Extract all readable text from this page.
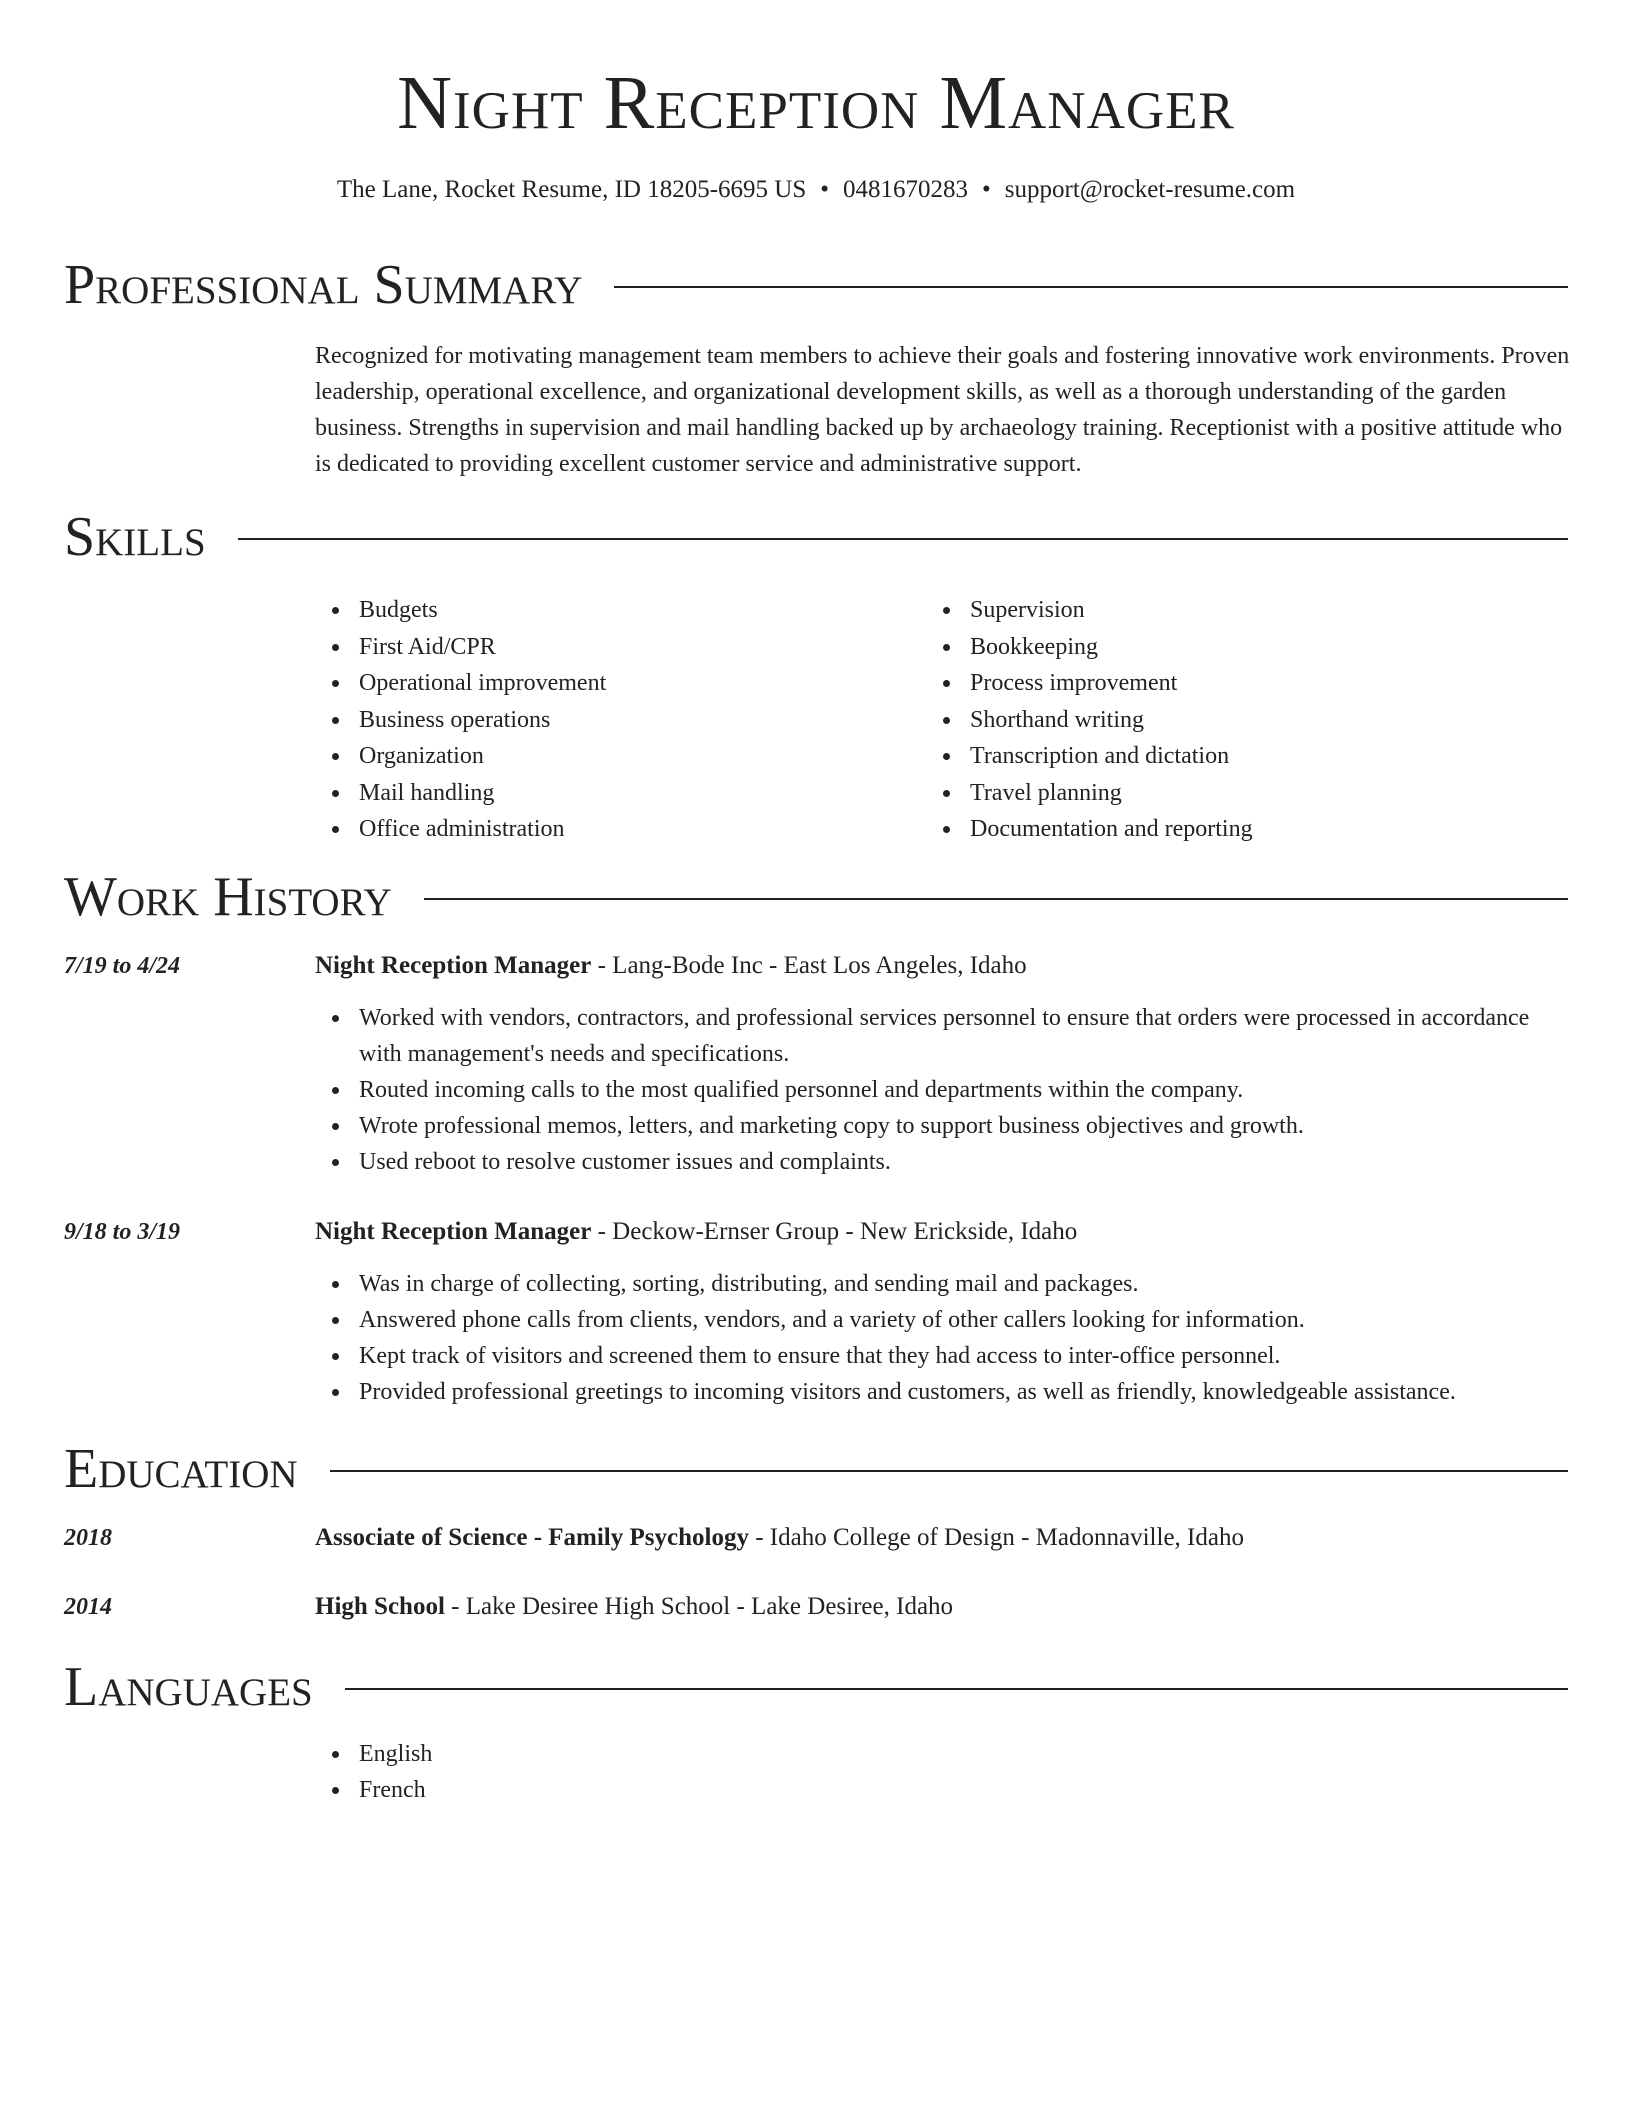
Night Reception Manager
The Lane, Rocket Resume, ID 18205-6695 US • 0481670283 • support@rocket-resume.com
Professional Summary

Recognized for motivating management team members to achieve their goals and fostering innovative work environments. Proven leadership, operational excellence, and organizational development skills, as well as a thorough understanding of the garden business. Strengths in supervision and mail handling backed up by archaeology training. Receptionist with a positive attitude who is dedicated to providing excellent customer service and administrative support.

Skills
Budgets
First Aid/CPR
Operational improvement
Business operations
Organization
Mail handling
Office administration
Supervision
Bookkeeping
Process improvement
Shorthand writing
Transcription and dictation
Travel planning
Documentation and reporting
Work History
7/19 to 4/24	Night Reception Manager - Lang-Bode Inc - East Los Angeles, Idaho
Worked with vendors, contractors, and professional services personnel to ensure that orders were processed in accordance with management's needs and specifications.
Routed incoming calls to the most qualified personnel and departments within the company.
Wrote professional memos, letters, and marketing copy to support business objectives and growth.
Used reboot to resolve customer issues and complaints.
9/18 to 3/19	Night Reception Manager - Deckow-Ernser Group - New Erickside, Idaho
Was in charge of collecting, sorting, distributing, and sending mail and packages.
Answered phone calls from clients, vendors, and a variety of other callers looking for information.
Kept track of visitors and screened them to ensure that they had access to inter-office personnel.
Provided professional greetings to incoming visitors and customers, as well as friendly, knowledgeable assistance.
Education
2018	Associate of Science - Family Psychology - Idaho College of Design - Madonnaville, Idaho
2014	High School - Lake Desiree High School - Lake Desiree, Idaho
Languages
English
French
